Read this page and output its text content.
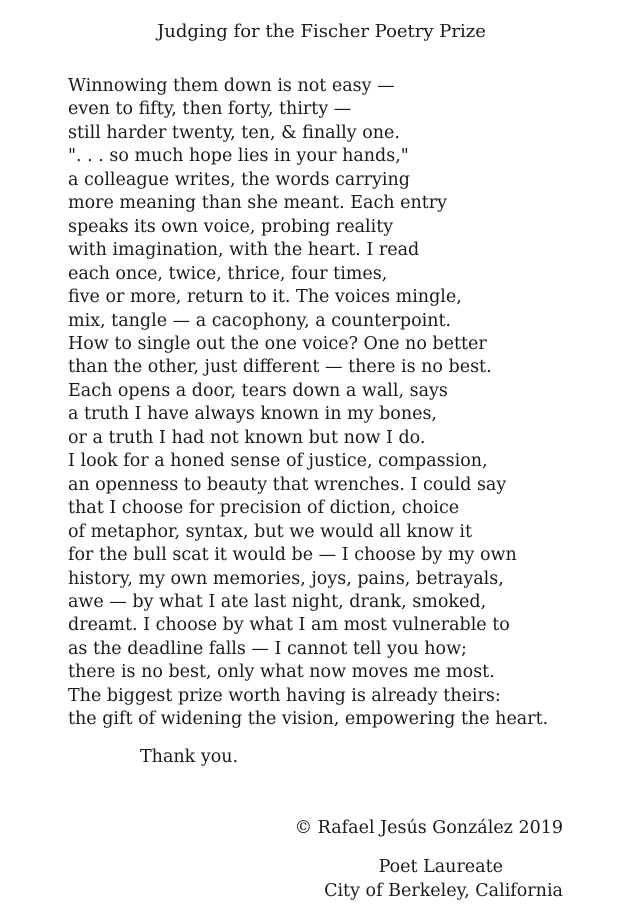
Judging for the Fischer Poetry Prize
Winnowing them down is not easy —
even to fifty, then forty, thirty —
still harder twenty, ten, & finally one.
". . . so much hope lies in your hands,"
a colleague writes, the words carrying
more meaning than she meant. Each entry
speaks its own voice, probing reality
with imagination, with the heart. I read
each once, twice, thrice, four times,
five or more, return to it. The voices mingle,
mix, tangle — a cacophony, a counterpoint.
How to single out the one voice? One no better
than the other, just different — there is no best.
Each opens a door, tears down a wall, says
a truth I have always known in my bones,
or a truth I had not known but now I do.
I look for a honed sense of justice, compassion,
an openness to beauty that wrenches. I could say
that I choose for precision of diction, choice
of metaphor, syntax, but we would all know it
for the bull scat it would be — I choose by my own
history, my own memories, joys, pains, betrayals,
awe — by what I ate last night, drank, smoked,
dreamt. I choose by what I am most vulnerable to
as the deadline falls — I cannot tell you how;
there is no best, only what now moves me most.
The biggest prize worth having is already theirs:
the gift of widening the vision, empowering the heart.
Thank you.
© Rafael Jesús González 2019
Poet Laureate
City of Berkeley, California
